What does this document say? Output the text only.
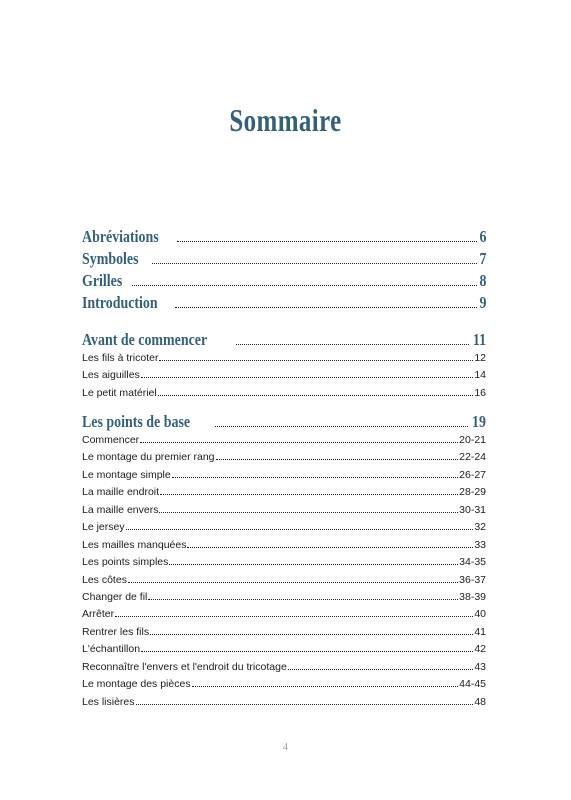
Sommaire
Abréviations	6
Symboles	7
Grilles	8
Introduction	9
Avant de commencer	11
Les fils à tricoter	12
Les aiguilles	14
Le petit matériel	16
Les points de base	19
Commencer	20-21
Le montage du premier rang	22-24
Le montage simple	26-27
La maille endroit	28-29
La maille envers	30-31
Le jersey	32
Les mailles manquées	33
Les points simples	34-35
Les côtes	36-37
Changer de fil	38-39
Arrêter	40
Rentrer les fils	41
L'échantillon	42
Reconnaître l'envers et l'endroit du tricotage	43
Le montage des pièces	44-45
Les lisières	48
4
